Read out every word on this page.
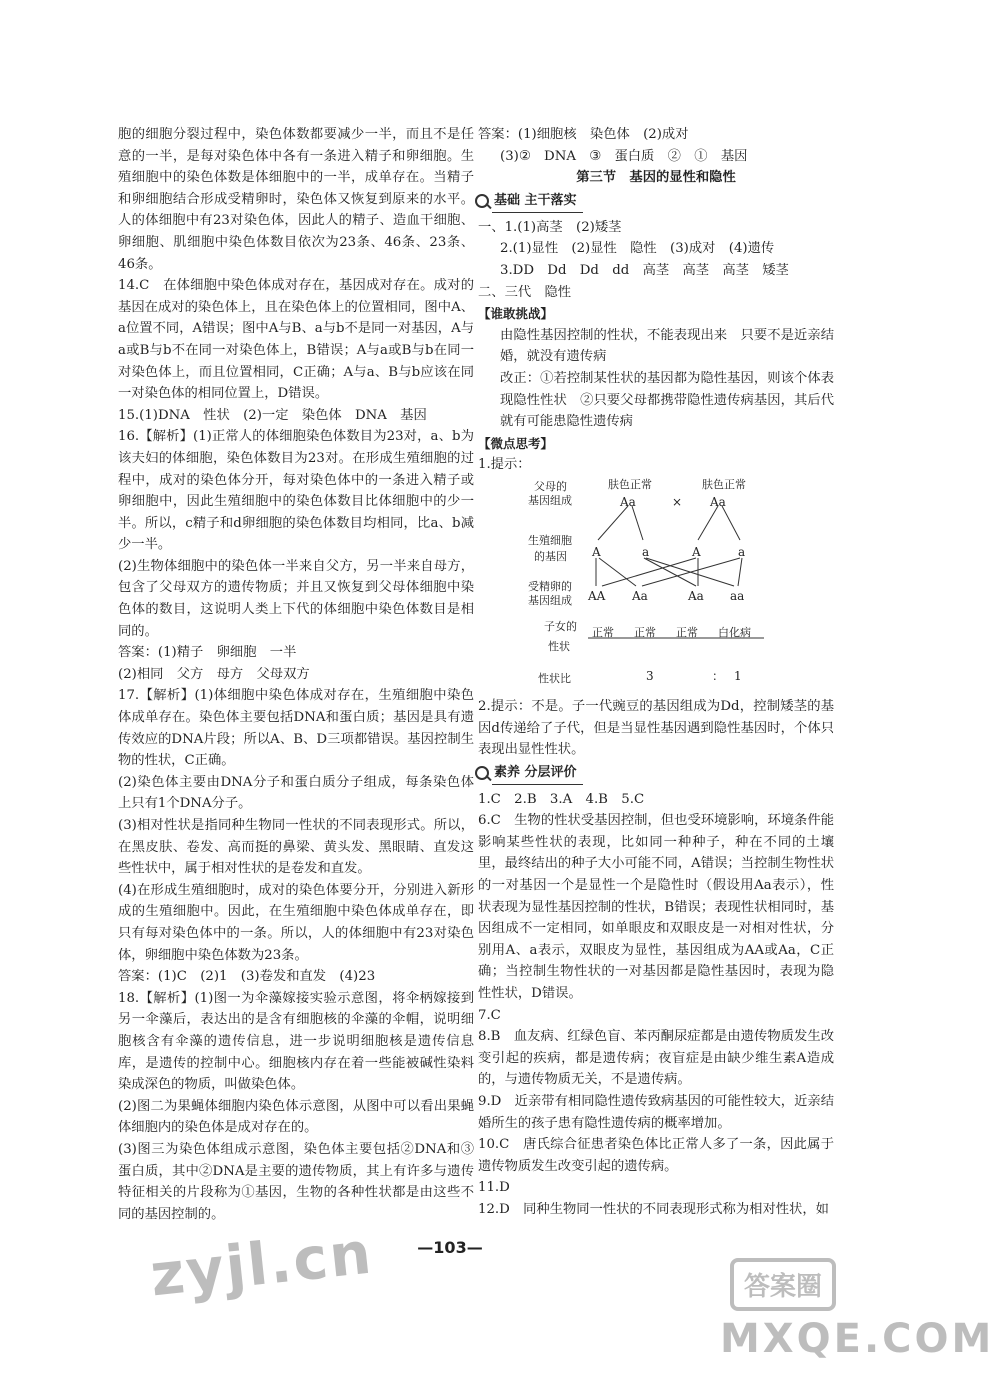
胞的细胞分裂过程中，染色体数都要减少一半，而且不是任意的一半，是每对染色体中各有一条进入精子和卵细胞。生殖细胞中的染色体数是体细胞中的一半，成单存在。当精子和卵细胞结合形成受精卵时，染色体又恢复到原来的水平。人的体细胞中有23对染色体，因此人的精子、造血干细胞、卵细胞、肌细胞中染色体数目依次为23条、46条、23条、46条。

14.C　在体细胞中染色体成对存在，基因成对存在。成对的基因在成对的染色体上，且在染色体上的位置相同，图中A、a位置不同，A错误；图中A与B、a与b不是同一对基因，A与a或B与b不在同一对染色体上，B错误；A与a或B与b在同一对染色体上，而且位置相同，C正确；A与a、B与b应该在同一对染色体的相同位置上，D错误。

15.(1)DNA　性状　(2)一定　染色体　DNA　基因

16.【解析】(1)正常人的体细胞染色体数目为23对，a、b为该夫妇的体细胞，染色体数目为23对。在形成生殖细胞的过程中，成对的染色体分开，每对染色体中的一条进入精子或卵细胞中，因此生殖细胞中的染色体数目比体细胞中的少一半。所以，c精子和d卵细胞的染色体数目均相同，比a、b减少一半。

(2)生物体细胞中的染色体一半来自父方，另一半来自母方，包含了父母双方的遗传物质；并且又恢复到父母体细胞中染色体的数目，这说明人类上下代的体细胞中染色体数目是相同的。

答案：(1)精子　卵细胞　一半

(2)相同　父方　母方　父母双方

17.【解析】(1)体细胞中染色体成对存在，生殖细胞中染色体成单存在。染色体主要包括DNA和蛋白质；基因是具有遗传效应的DNA片段；所以A、B、D三项都错误。基因控制生物的性状，C正确。

(2)染色体主要由DNA分子和蛋白质分子组成，每条染色体上只有1个DNA分子。

(3)相对性状是指同种生物同一性状的不同表现形式。所以，在黑皮肤、卷发、高而挺的鼻梁、黄头发、黑眼睛、直发这些性状中，属于相对性状的是卷发和直发。

(4)在形成生殖细胞时，成对的染色体要分开，分别进入新形成的生殖细胞中。因此，在生殖细胞中染色体成单存在，即只有每对染色体中的一条。所以，人的体细胞中有23对染色体，卵细胞中染色体数为23条。

答案：(1)C　(2)1　(3)卷发和直发　(4)23

18.【解析】(1)图一为伞藻嫁接实验示意图，将伞柄嫁接到另一伞藻后，表达出的是含有细胞核的伞藻的伞帽，说明细胞核含有伞藻的遗传信息，进一步说明细胞核是遗传信息库，是遗传的控制中心。细胞核内存在着一些能被碱性染料染成深色的物质，叫做染色体。

(2)图二为果蝇体细胞内染色体示意图，从图中可以看出果蝇体细胞内的染色体是成对存在的。

(3)图三为染色体组成示意图，染色体主要包括②DNA和③蛋白质，其中②DNA是主要的遗传物质，其上有许多与遗传特征相关的片段称为①基因，生物的各种性状都是由这些不同的基因控制的。

答案：(1)细胞核　染色体　(2)成对

(3)②　DNA　③　蛋白质　②　①　基因

第三节　基因的显性和隐性

基础 主干落实

一、1.(1)高茎　(2)矮茎

2.(1)显性　(2)显性　隐性　(3)成对　(4)遗传

3.DD　Dd　Dd　dd　高茎　高茎　高茎　矮茎

二、三代　隐性

【谁敢挑战】

由隐性基因控制的性状，不能表现出来　只要不是近亲结婚，就没有遗传病

改正：①若控制某性状的基因都为隐性基因，则该个体表现隐性性状　②只要父母都携带隐性遗传病基因，其后代就有可能患隐性遗传病

【微点思考】

1.提示：

父母的
基因组成
肤色正常	肤色正常
Aa	× Aa
生殖细胞
的基因 A	a	A	a
受精卵的
基因组成 AA Aa	Aa aa
子女的
性状
正常 正常 正常 白化病
性状比	3	： 1

2.提示：不是。子一代豌豆的基因组成为Dd，控制矮茎的基因d传递给了子代，但是当显性基因遇到隐性基因时，个体只表现出显性性状。

素养 分层评价

1.C　2.B　3.A　4.B　5.C

6.C　生物的性状受基因控制，但也受环境影响，环境条件能影响某些性状的表现，比如同一种种子，种在不同的土壤里，最终结出的种子大小可能不同，A错误；当控制生物性状的一对基因一个是显性一个是隐性时（假设用Aa表示），性状表现为显性基因控制的性状，B错误；表现性状相同时，基因组成不一定相同，如单眼皮和双眼皮是一对相对性状，分别用A、a表示，双眼皮为显性，基因组成为AA或Aa，C正确；当控制生物性状的一对基因都是隐性基因时，表现为隐性性状，D错误。

7.C

8.B　血友病、红绿色盲、苯丙酮尿症都是由遗传物质发生改变引起的疾病，都是遗传病；夜盲症是由缺少维生素A造成的，与遗传物质无关，不是遗传病。

9.D　近亲带有相同隐性遗传致病基因的可能性较大，近亲结婚所生的孩子患有隐性遗传病的概率增加。

10.C　唐氏综合征患者染色体比正常人多了一条，因此属于遗传物质发生改变引起的遗传病。

11.D

12.D　同种生物同一性状的不同表现形式称为相对性状，如

—103—
zyjl.cn	答案圈
MXQE.COM
